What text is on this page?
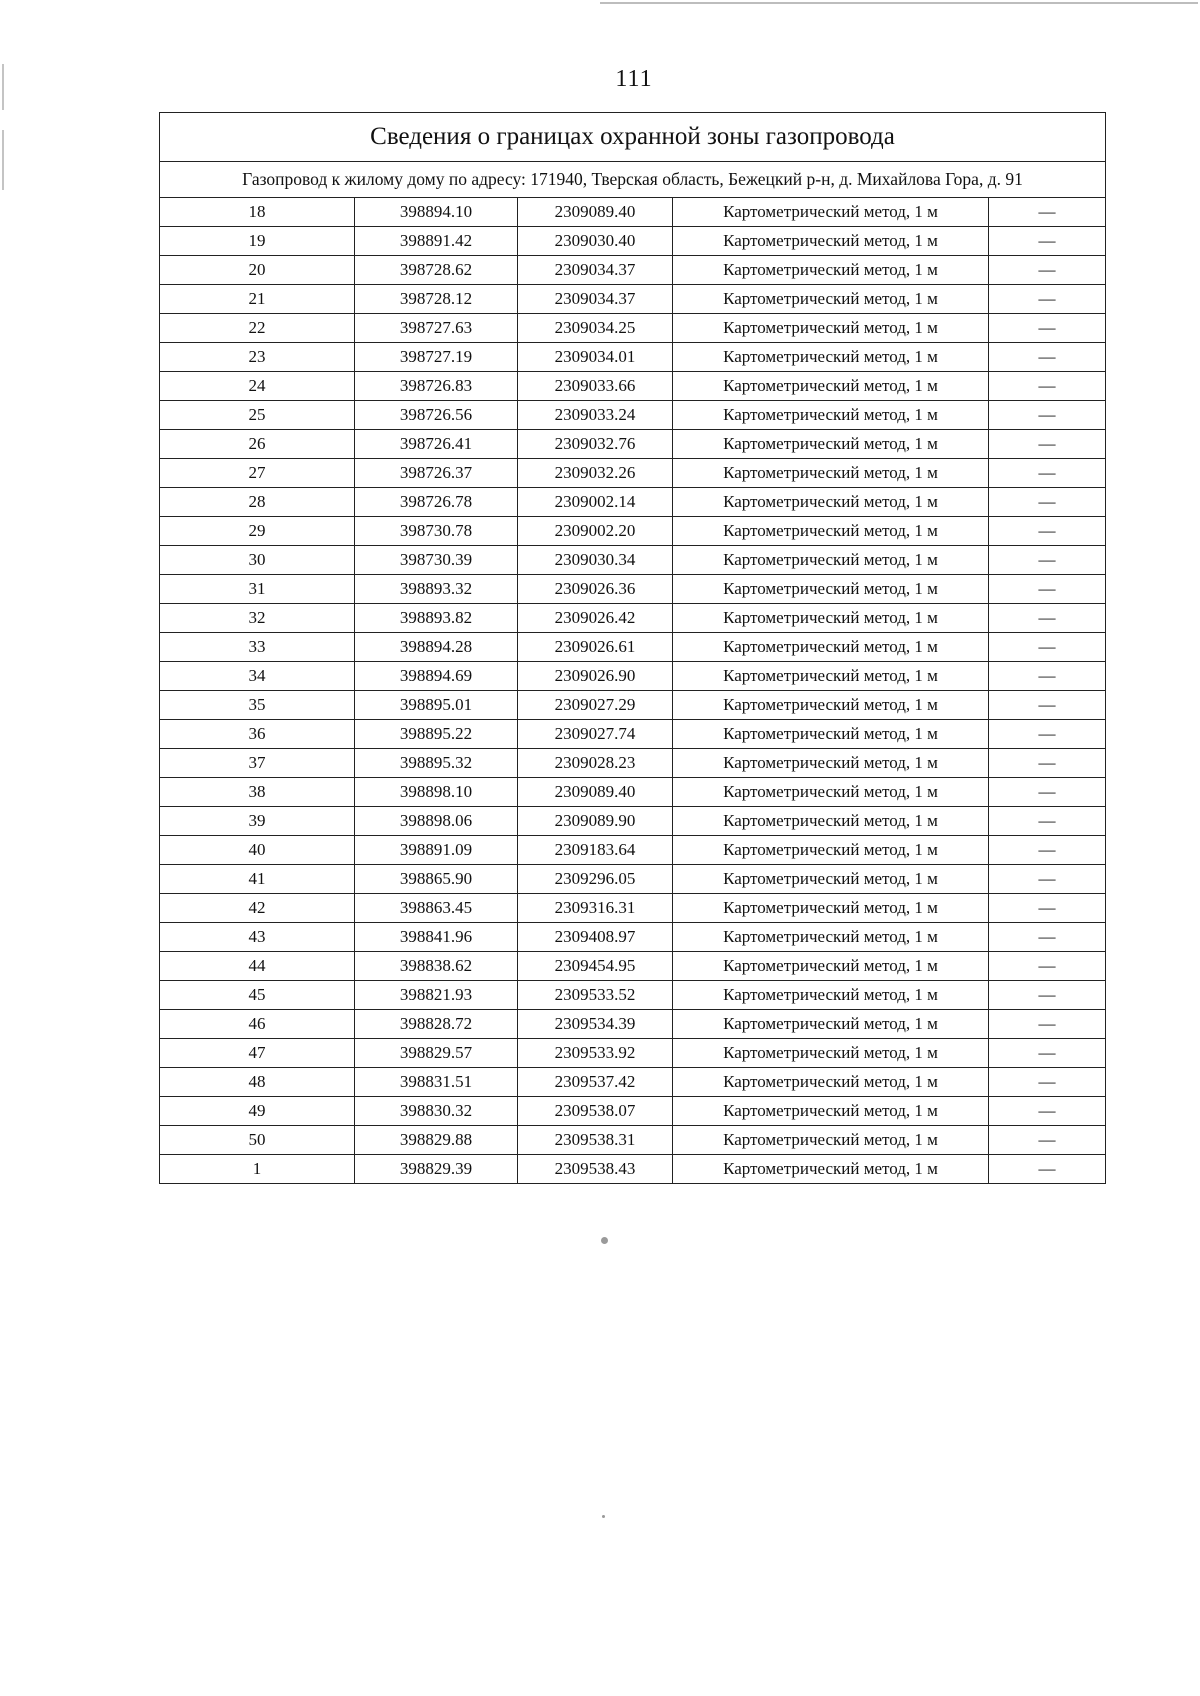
111
Сведения о границах охранной зоны газопровода				
Газопровод к жилому дому по адресу: 171940, Тверская область, Бежецкий р-н, д. Михайлова Гора, д. 91				
18	398894.10	2309089.40	Картометрический метод, 1 м	—
19	398891.42	2309030.40	Картометрический метод, 1 м	—
20	398728.62	2309034.37	Картометрический метод, 1 м	—
21	398728.12	2309034.37	Картометрический метод, 1 м	—
22	398727.63	2309034.25	Картометрический метод, 1 м	—
23	398727.19	2309034.01	Картометрический метод, 1 м	—
24	398726.83	2309033.66	Картометрический метод, 1 м	—
25	398726.56	2309033.24	Картометрический метод, 1 м	—
26	398726.41	2309032.76	Картометрический метод, 1 м	—
27	398726.37	2309032.26	Картометрический метод, 1 м	—
28	398726.78	2309002.14	Картометрический метод, 1 м	—
29	398730.78	2309002.20	Картометрический метод, 1 м	—
30	398730.39	2309030.34	Картометрический метод, 1 м	—
31	398893.32	2309026.36	Картометрический метод, 1 м	—
32	398893.82	2309026.42	Картометрический метод, 1 м	—
33	398894.28	2309026.61	Картометрический метод, 1 м	—
34	398894.69	2309026.90	Картометрический метод, 1 м	—
35	398895.01	2309027.29	Картометрический метод, 1 м	—
36	398895.22	2309027.74	Картометрический метод, 1 м	—
37	398895.32	2309028.23	Картометрический метод, 1 м	—
38	398898.10	2309089.40	Картометрический метод, 1 м	—
39	398898.06	2309089.90	Картометрический метод, 1 м	—
40	398891.09	2309183.64	Картометрический метод, 1 м	—
41	398865.90	2309296.05	Картометрический метод, 1 м	—
42	398863.45	2309316.31	Картометрический метод, 1 м	—
43	398841.96	2309408.97	Картометрический метод, 1 м	—
44	398838.62	2309454.95	Картометрический метод, 1 м	—
45	398821.93	2309533.52	Картометрический метод, 1 м	—
46	398828.72	2309534.39	Картометрический метод, 1 м	—
47	398829.57	2309533.92	Картометрический метод, 1 м	—
48	398831.51	2309537.42	Картометрический метод, 1 м	—
49	398830.32	2309538.07	Картометрический метод, 1 м	—
50	398829.88	2309538.31	Картометрический метод, 1 м	—
1	398829.39	2309538.43	Картометрический метод, 1 м	—
